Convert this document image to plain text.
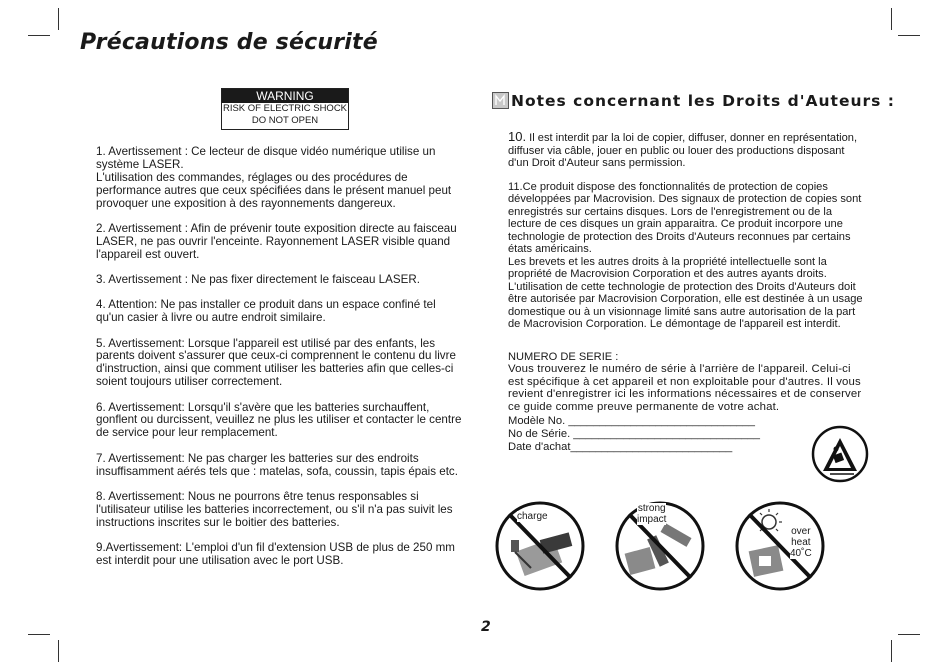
Précautions de sécurité
WARNING
RISK OF ELECTRIC SHOCK
DO NOT OPEN

1. Avertissement : Ce lecteur de disque vidéo numérique utilise un système LASER.
L'utilisation des commandes, réglages ou des procédures de performance autres que ceux spécifiées dans le présent manuel peut provoquer une exposition à des rayonnements dangereux.

2. Avertissement : Afin de prévenir toute exposition directe au faisceau LASER, ne pas ouvrir l'enceinte. Rayonnement LASER visible quand l'appareil est ouvert.

3. Avertissement : Ne pas fixer directement le faisceau LASER.

4. Attention: Ne pas installer ce produit dans un espace confiné tel qu'un casier à livre ou autre endroit similaire.

5. Avertissement: Lorsque l'appareil est utilisé par des enfants, les parents doivent s'assurer que ceux-ci comprennent le contenu du livre d'instruction, ainsi que comment utiliser les batteries afin que celles-ci soient toujours utiliser correctement.

6. Avertissement: Lorsqu'il s'avère que les batteries surchauffent, gonflent ou durcissent, veuillez ne plus les utiliser et contacter le centre de service pour leur remplacement.

7. Avertissement: Ne pas charger les batteries sur des endroits insuffisamment aérés tels que : matelas, sofa, coussin, tapis épais etc.

8. Avertissement: Nous ne pourrons être tenus responsables si l'utilisateur utilise les batteries incorrectement, ou s'il n'a pas suivit les instructions inscrites sur le boitier des batteries.

9.Avertissement: L'emploi d'un fil d'extension USB de plus de 250 mm est interdit pour une utilisation avec le port USB.

Notes concernant les Droits d'Auteurs :

10. Il est interdit par la loi de copier, diffuser, donner en représentation, diffuser via câble, jouer en public ou louer des productions disposant d'un Droit d'Auteur sans permission.

11.Ce produit dispose des fonctionnalités de protection de copies développées par Macrovision. Des signaux de protection de copies sont enregistrés sur certains disques. Lors de l'enregistrement ou de la lecture de ces disques un grain apparaitra. Ce produit incorpore une technologie de protection des Droits d'Auteurs reconnues par certains états américains.

Les brevets et les autres droits à la propriété intellectuelle sont la propriété de Macrovision Corporation et des autres ayants droits. L'utilisation de cette technologie de protection des Droits d'Auteurs doit être autorisée par Macrovision Corporation, elle est destinée à un usage domestique ou à un visionnage limité sans autre autorisation de la part de Macrovision Corporation. Le démontage de l'appareil est interdit.

NUMERO DE SERIE :
Vous trouverez le numéro de série à l'arrière de l'appareil. Celui-ci est spécifique à cet appareil et non exploitable pour d'autres. Il vous revient d'enregistrer ici les informations nécessaires et de conserver ce guide comme preuve permanente de votre achat.
Modèle No. ______________________________
No de Série. ______________________________
Date d'achat__________________________
charge
strong
impact
over
heat
40˚C
2
